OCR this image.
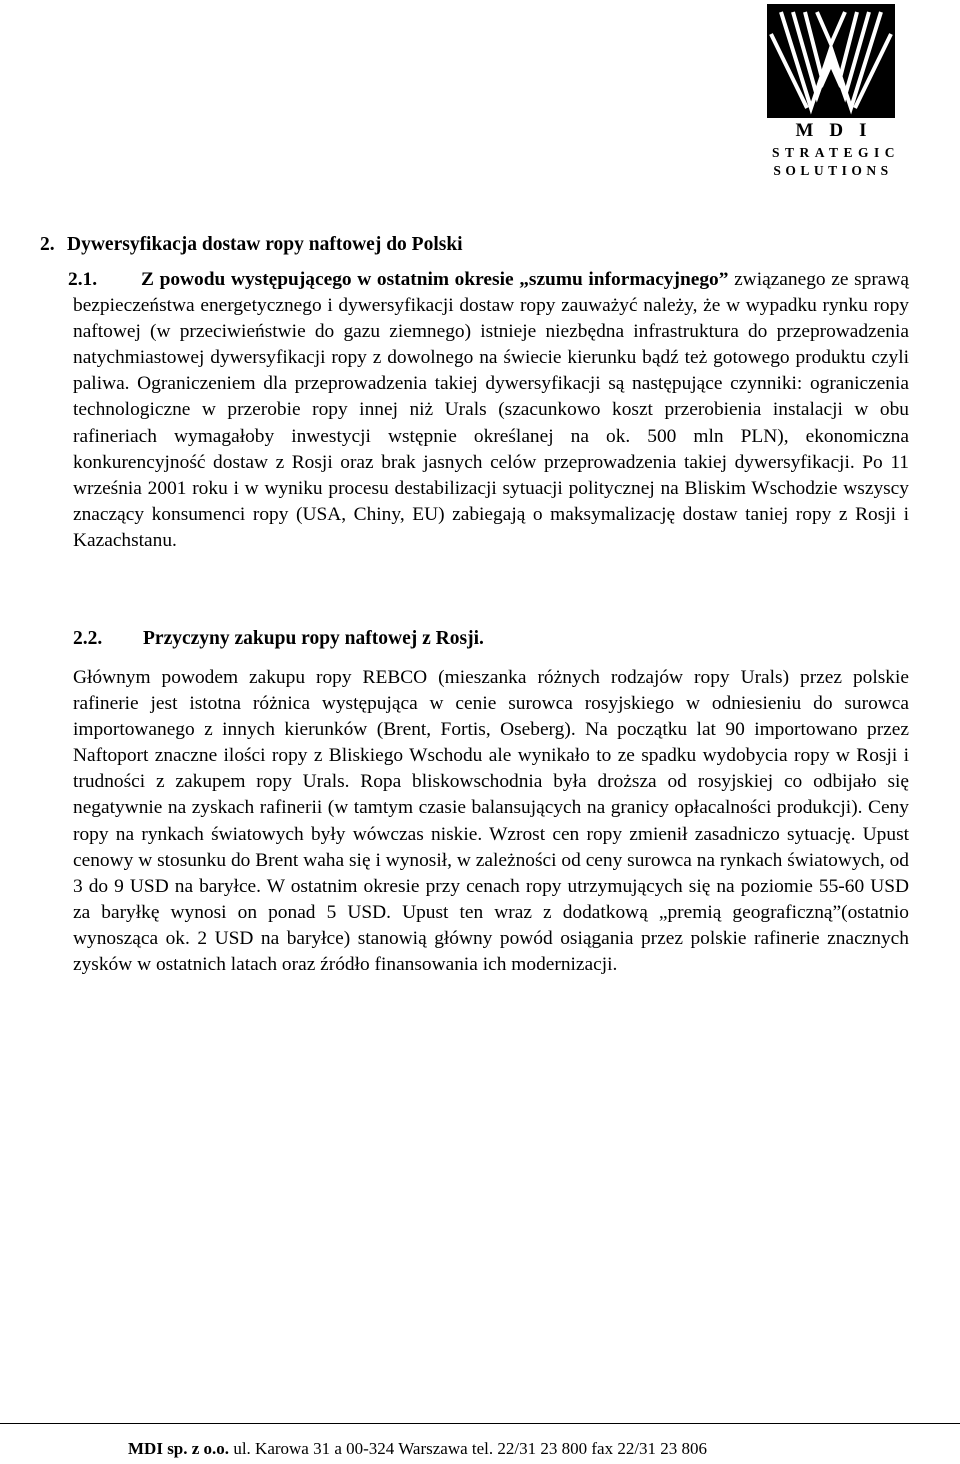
MDI
STRATEGIC
SOLUTIONS
2. Dywersyfikacja dostaw ropy naftowej do Polski

2.1. Z powodu występującego w ostatnim okresie „szumu informacyjnego” związanego ze sprawą bezpieczeństwa energetycznego i dywersyfikacji dostaw ropy zauważyć należy, że w wypadku rynku ropy naftowej (w przeciwieństwie do gazu ziemnego) istnieje niezbędna infrastruktura do przeprowadzenia natychmiastowej dywersyfikacji ropy z dowolnego na świecie kierunku bądź też gotowego produktu czyli paliwa. Ograniczeniem dla przeprowadzenia takiej dywersyfikacji są następujące czynniki: ograniczenia technologiczne w przerobie ropy innej niż Urals (szacunkowo koszt przerobienia instalacji w obu rafineriach wymagałoby inwestycji wstępnie określanej na ok. 500 mln PLN), ekonomiczna konkurencyjność dostaw z Rosji oraz brak jasnych celów przeprowadzenia takiej dywersyfikacji. Po 11 września 2001 roku i w wyniku procesu destabilizacji sytuacji politycznej na Bliskim Wschodzie wszyscy znaczący konsumenci ropy (USA, Chiny, EU) zabiegają o maksymalizację dostaw taniej ropy z Rosji i Kazachstanu.

2.2. Przyczyny zakupu ropy naftowej z Rosji.

Głównym powodem zakupu ropy REBCO (mieszanka różnych rodzajów ropy Urals) przez polskie rafinerie jest istotna różnica występująca w cenie surowca rosyjskiego w odniesieniu do surowca importowanego z innych kierunków (Brent, Fortis, Oseberg). Na początku lat 90 importowano przez Naftoport znaczne ilości ropy z Bliskiego Wschodu ale wynikało to ze spadku wydobycia ropy w Rosji i trudności z zakupem ropy Urals. Ropa bliskowschodnia była droższa od rosyjskiej co odbijało się negatywnie na zyskach rafinerii (w tamtym czasie balansujących na granicy opłacalności produkcji). Ceny ropy na rynkach światowych były wówczas niskie. Wzrost cen ropy zmienił zasadniczo sytuację. Upust cenowy w stosunku do Brent waha się i wynosił, w zależności od ceny surowca na rynkach światowych, od 3 do 9 USD na baryłce. W ostatnim okresie przy cenach ropy utrzymujących się na poziomie 55-60 USD za baryłkę wynosi on ponad 5 USD. Upust ten wraz z dodatkową „premią geograficzną”(ostatnio wynosząca ok. 2 USD na baryłce) stanowią główny powód osiągania przez polskie rafinerie znacznych zysków w ostatnich latach oraz źródło finansowania ich modernizacji.

MDI sp. z o.o. ul. Karowa 31 a 00-324 Warszawa tel. 22/31 23 800 fax 22/31 23 806
